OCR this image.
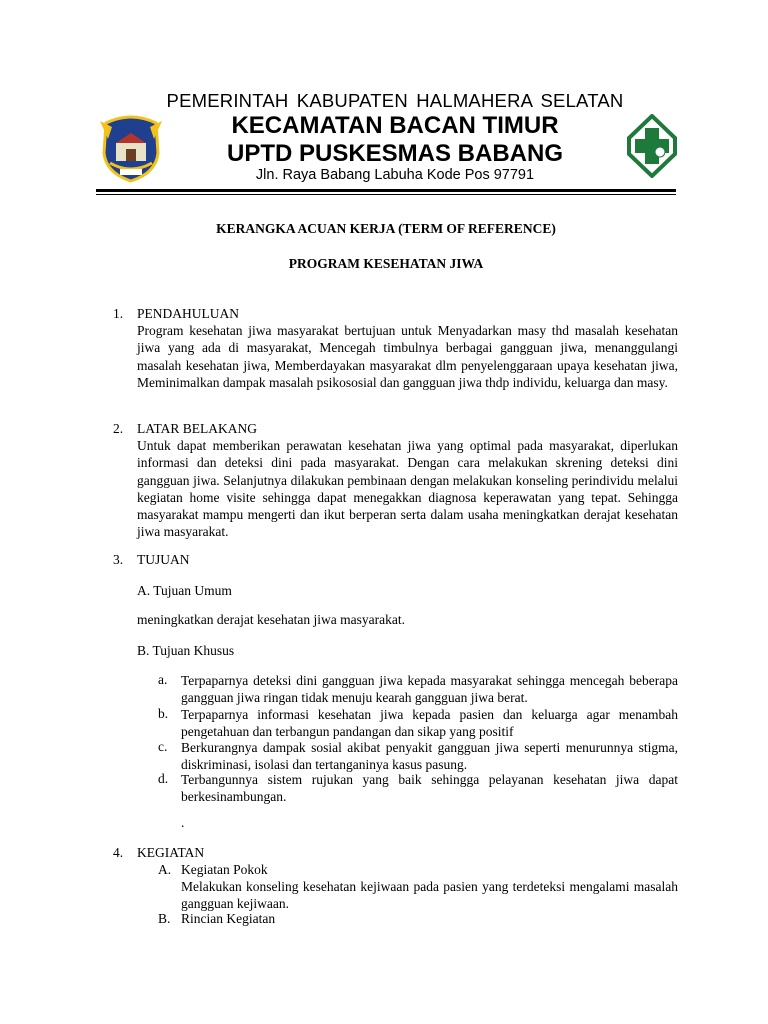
PEMERINTAH KABUPATEN HALMAHERA SELATAN
KECAMATAN BACAN TIMUR
UPTD PUSKESMAS BABANG
Jln. Raya Babang Labuha Kode Pos 97791
KERANGKA ACUAN KERJA (TERM OF REFERENCE)
PROGRAM KESEHATAN JIWA
1. PENDAHULUAN

Program kesehatan jiwa masyarakat bertujuan untuk Menyadarkan masy thd masalah kesehatan jiwa yang ada di masyarakat, Mencegah timbulnya berbagai gangguan jiwa, menanggulangi masalah kesehatan jiwa, Memberdayakan masyarakat dlm penyelenggaraan upaya kesehatan jiwa, Meminimalkan dampak masalah psikososial dan gangguan jiwa thdp individu, keluarga dan masy.

2. LATAR BELAKANG

Untuk dapat memberikan perawatan kesehatan jiwa yang optimal pada masyarakat, diperlukan informasi dan deteksi dini pada masyarakat. Dengan cara melakukan skrening deteksi dini gangguan jiwa. Selanjutnya dilakukan pembinaan dengan melakukan konseling perindividu melalui kegiatan home visite sehingga dapat menegakkan diagnosa keperawatan yang tepat. Sehingga masyarakat mampu mengerti dan ikut berperan serta dalam usaha meningkatkan derajat kesehatan jiwa masyarakat.

3. TUJUAN
A. Tujuan Umum
meningkatkan derajat kesehatan jiwa masyarakat.
B. Tujuan Khusus
a. Terpaparnya deteksi dini gangguan jiwa kepada masyarakat sehingga mencegah beberapa gangguan jiwa ringan tidak menuju kearah gangguan jiwa berat.

b. Terpaparnya informasi kesehatan jiwa kepada pasien dan keluarga agar menambah pengetahuan dan terbangun pandangan dan sikap yang positif

c. Berkurangnya dampak sosial akibat penyakit gangguan jiwa seperti menurunnya stigma, diskriminasi, isolasi dan tertanganinya kasus pasung.

d. Terbangunnya sistem rujukan yang baik sehingga pelayanan kesehatan jiwa dapat berkesinambungan.

.
4. KEGIATAN
A. Kegiatan Pokok

Melakukan konseling kesehatan kejiwaan pada pasien yang terdeteksi mengalami masalah gangguan kejiwaan.

B. Rincian Kegiatan
